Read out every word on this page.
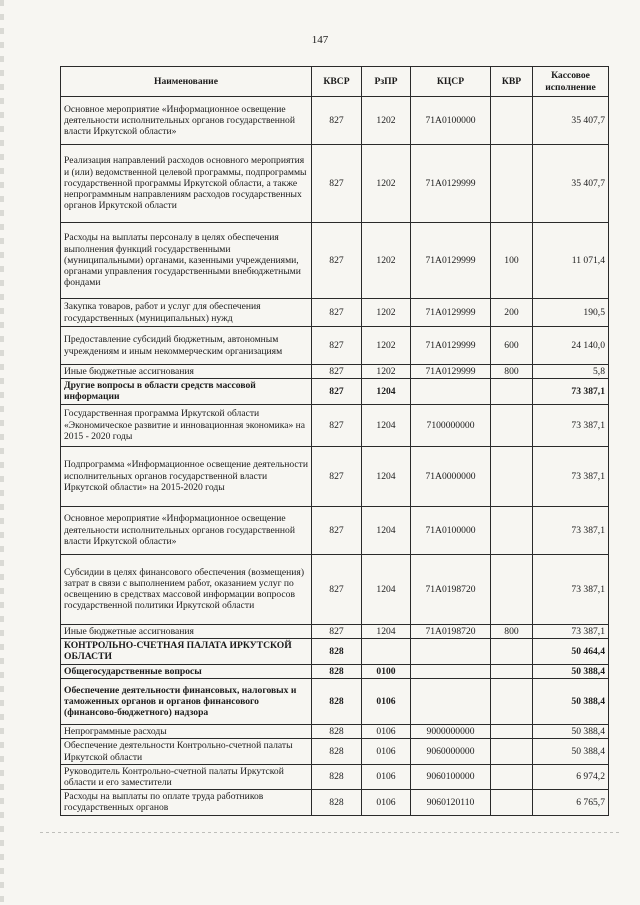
147
Наименование	КВСР	РзПР	КЦСР	КВР	Кассовое исполнение
Основное мероприятие «Информационное освещение деятельности исполнительных органов государственной власти Иркутской области»	827	1202	71А0100000		35 407,7
Реализация направлений расходов основного мероприятия и (или) ведомственной целевой программы, подпрограммы государственной программы Иркутской области, а также непрограммным направлениям расходов государственных органов Иркутской области	827	1202	71А0129999		35 407,7
Расходы на выплаты персоналу в целях обеспечения выполнения функций государственными (муниципальными) органами, казенными учреждениями, органами управления государственными внебюджетными фондами	827	1202	71А0129999	100	11 071,4
Закупка товаров, работ и услуг для обеспечения государственных (муниципальных) нужд	827	1202	71А0129999	200	190,5
Предоставление субсидий бюджетным, автономным учреждениям и иным некоммерческим организациям	827	1202	71А0129999	600	24 140,0
Иные бюджетные ассигнования	827	1202	71А0129999	800	5,8
Другие вопросы в области средств массовой информации	827	1204			73 387,1
Государственная программа Иркутской области «Экономическое развитие и инновационная экономика» на 2015 - 2020 годы	827	1204	7100000000		73 387,1
Подпрограмма «Информационное освещение деятельности исполнительных органов государственной власти Иркутской области» на 2015-2020 годы	827	1204	71А0000000		73 387,1
Основное мероприятие «Информационное освещение деятельности исполнительных органов государственной власти Иркутской области»	827	1204	71А0100000		73 387,1
Субсидии в целях финансового обеспечения (возмещения) затрат в связи с выполнением работ, оказанием услуг по освещению в средствах массовой информации вопросов государственной политики Иркутской области	827	1204	71А0198720		73 387,1
Иные бюджетные ассигнования	827	1204	71А0198720	800	73 387,1
КОНТРОЛЬНО-СЧЕТНАЯ ПАЛАТА ИРКУТСКОЙ ОБЛАСТИ	828				50 464,4
Общегосударственные вопросы	828	0100			50 388,4
Обеспечение деятельности финансовых, налоговых и таможенных органов и органов финансового (финансово-бюджетного) надзора	828	0106			50 388,4
Непрограммные расходы	828	0106	9000000000		50 388,4
Обеспечение деятельности Контрольно-счетной палаты Иркутской области	828	0106	9060000000		50 388,4
Руководитель Контрольно-счетной палаты Иркутской области и его заместители	828	0106	9060100000		6 974,2
Расходы на выплаты по оплате труда работников государственных органов	828	0106	9060120110		6 765,7
